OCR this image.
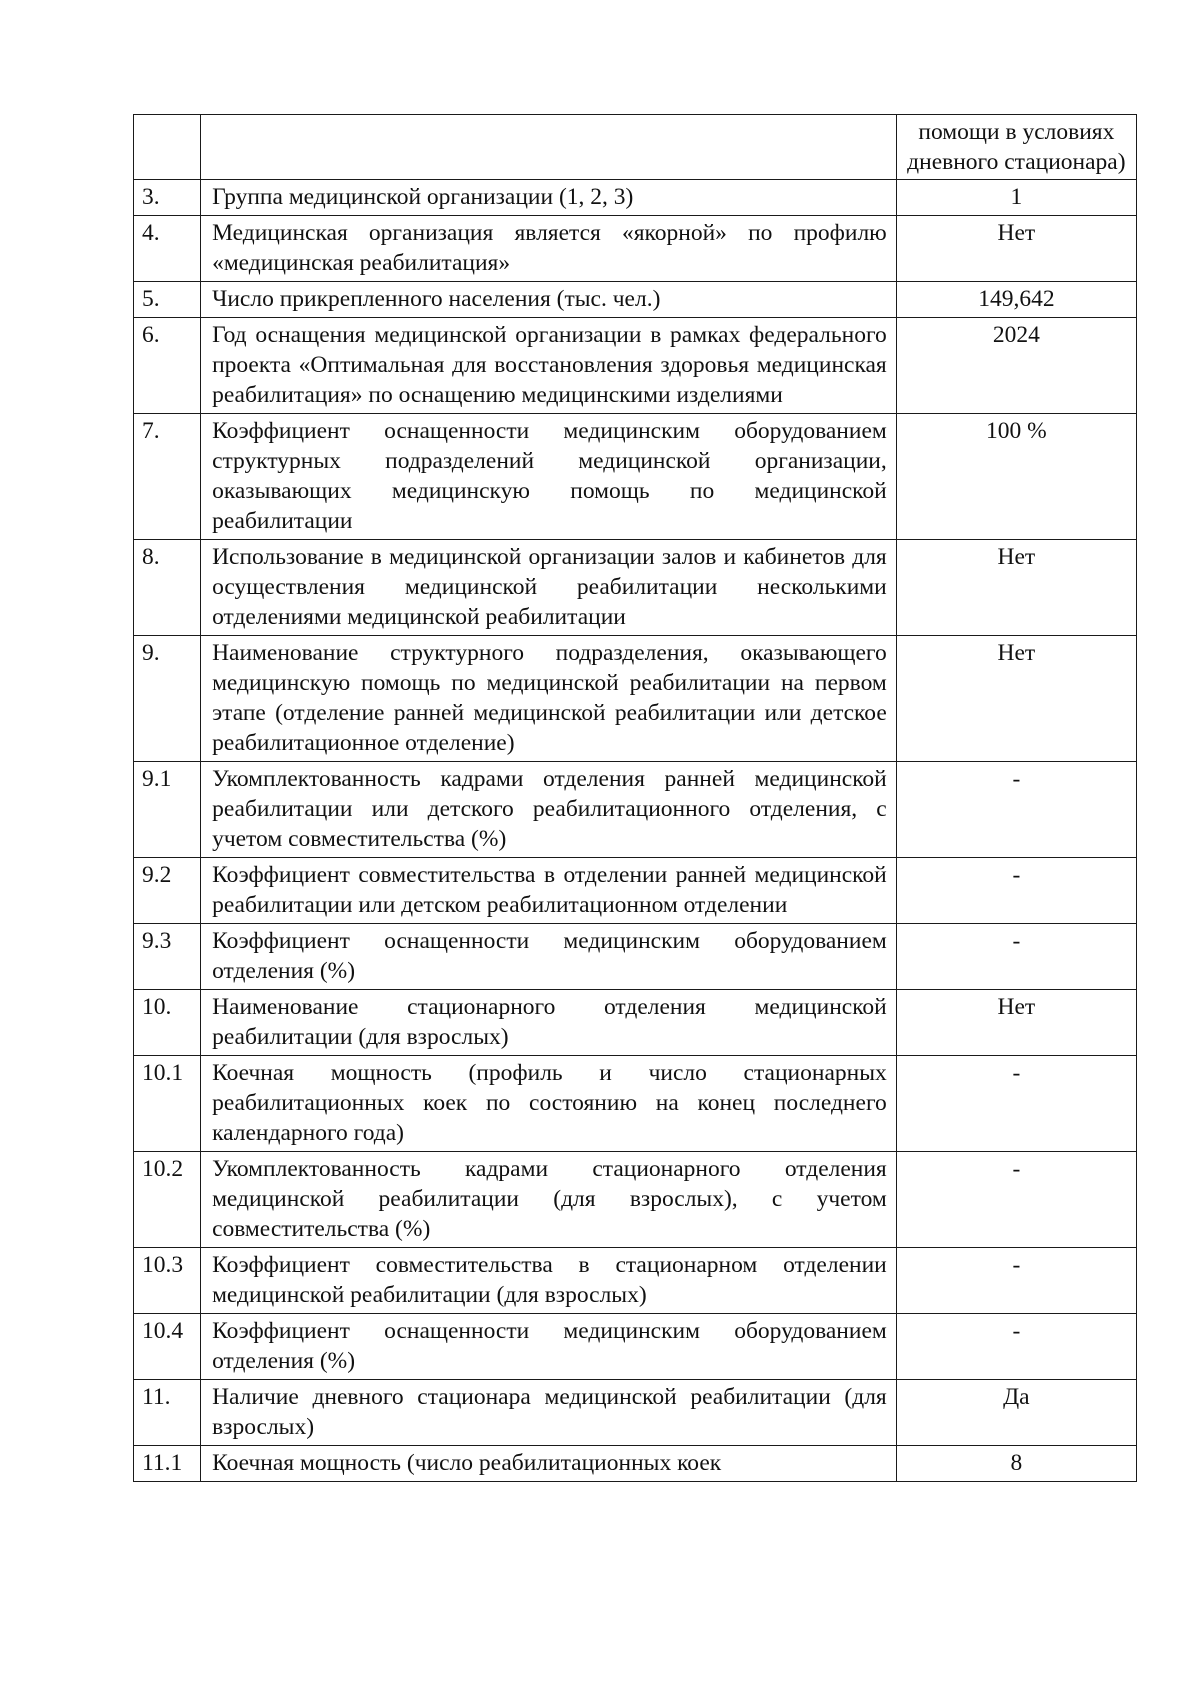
		помощи в условиях дневного стационара)
3.	Группа медицинской организации (1, 2, 3)	1
4.	Медицинская организация является «якорной» по профилю «медицинская реабилитация»	Нет
5.	Число прикрепленного населения (тыс. чел.)	149,642
6.	Год оснащения медицинской организации в рамках федерального проекта «Оптимальная для восстановления здоровья медицинская реабилитация» по оснащению медицинскими изделиями	2024
7.	Коэффициент оснащенности медицинским оборудованием структурных подразделений медицинской организации, оказывающих медицинскую помощь по медицинской реабилитации	100 %
8.	Использование в медицинской организации залов и кабинетов для осуществления медицинской реабилитации несколькими отделениями медицинской реабилитации	Нет
9.	Наименование структурного подразделения, оказывающего медицинскую помощь по медицинской реабилитации на первом этапе (отделение ранней медицинской реабилитации или детское реабилитационное отделение)	Нет
9.1	Укомплектованность кадрами отделения ранней медицинской реабилитации или детского реабилитационного отделения, с учетом совместительства (%)	-
9.2	Коэффициент совместительства в отделении ранней медицинской реабилитации или детском реабилитационном отделении	-
9.3	Коэффициент оснащенности медицинским оборудованием отделения (%)	-
10.	Наименование стационарного отделения медицинской реабилитации (для взрослых)	Нет
10.1	Коечная мощность (профиль и число стационарных реабилитационных коек по состоянию на конец последнего календарного года)	-
10.2	Укомплектованность кадрами стационарного отделения медицинской реабилитации (для взрослых), с учетом совместительства (%)	-
10.3	Коэффициент совместительства в стационарном отделении медицинской реабилитации (для взрослых)	-
10.4	Коэффициент оснащенности медицинским оборудованием отделения (%)	-
11.	Наличие дневного стационара медицинской реабилитации (для взрослых)	Да
11.1	Коечная мощность (число реабилитационных коек	8
